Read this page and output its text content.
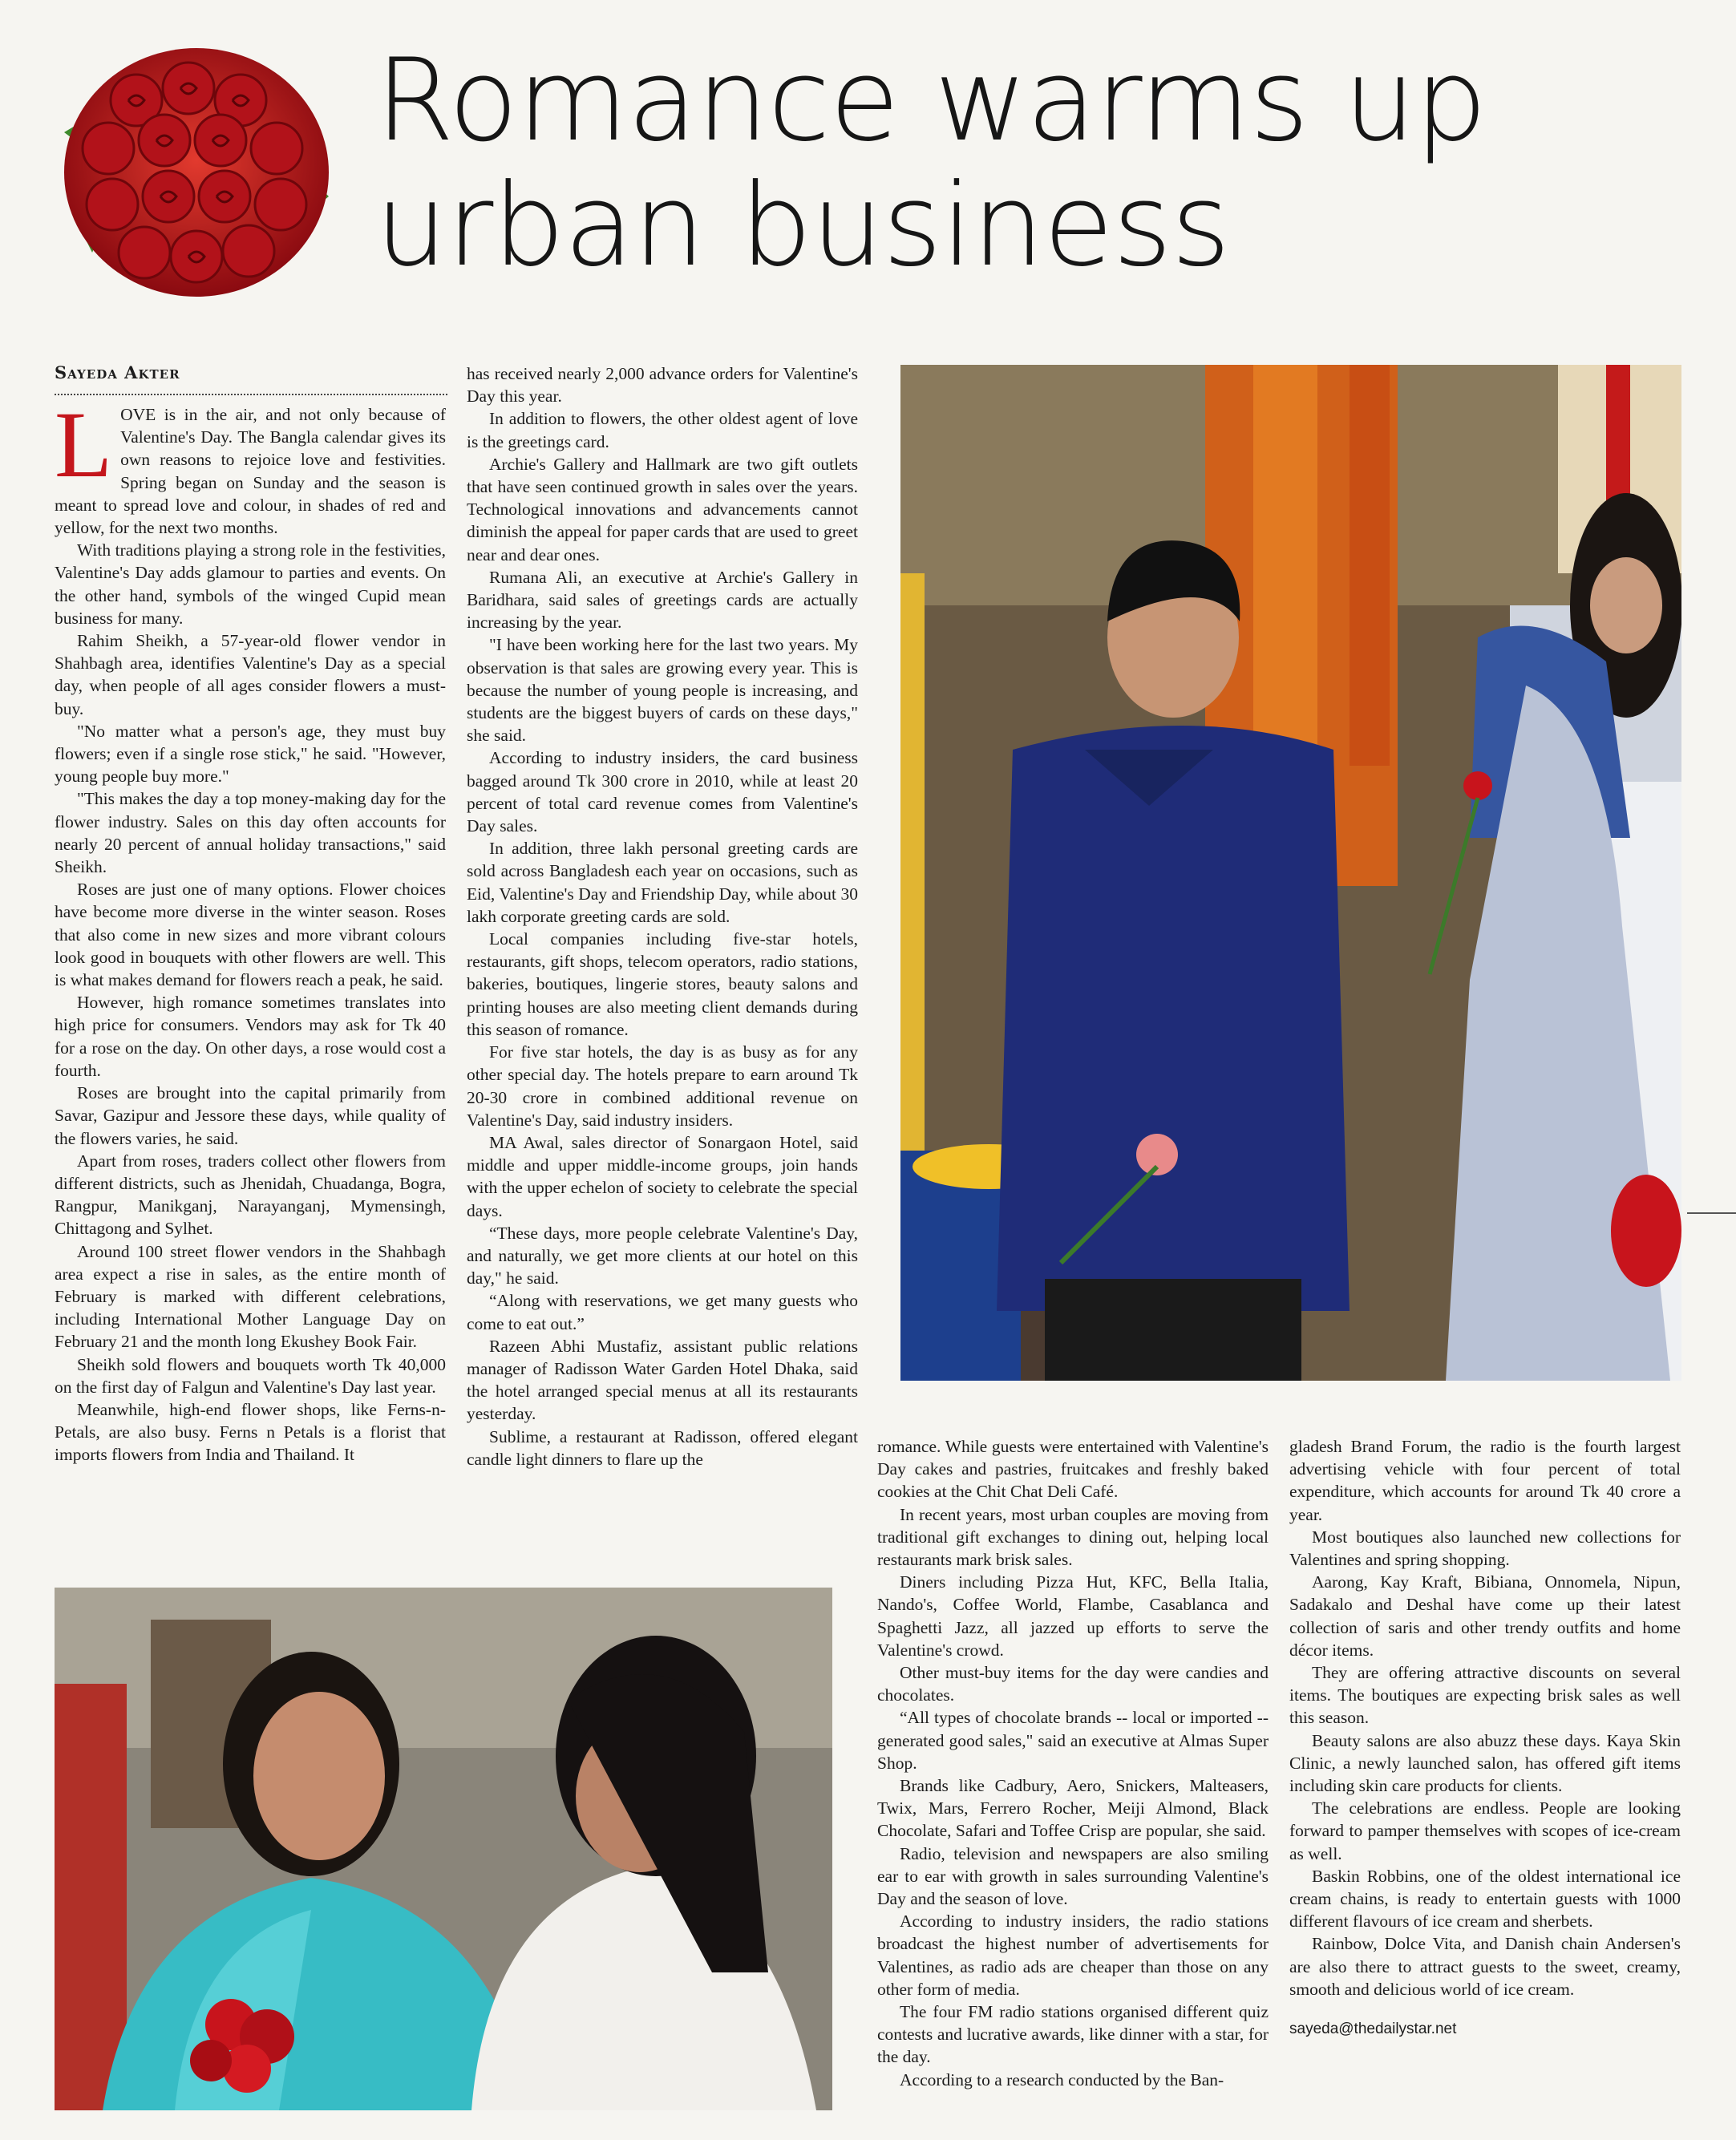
Romance warms up
urban business
Sayeda Akter

LOVE is in the air, and not only because of Valentine's Day. The Bangla calendar gives its own reasons to rejoice love and festivities. Spring began on Sunday and the season is meant to spread love and colour, in shades of red and yellow, for the next two months.

With traditions playing a strong role in the festivities, Valentine's Day adds glamour to parties and events. On the other hand, symbols of the winged Cupid mean business for many.

Rahim Sheikh, a 57-year-old flower vendor in Shahbagh area, identifies Valentine's Day as a special day, when people of all ages consider flowers a must-buy.

"No matter what a person's age, they must buy flowers; even if a single rose stick," he said. "However, young people buy more."

"This makes the day a top money-making day for the flower industry. Sales on this day often accounts for nearly 20 percent of annual holiday transactions," said Sheikh.

Roses are just one of many options. Flower choices have become more diverse in the winter season. Roses that also come in new sizes and more vibrant colours look good in bouquets with other flowers are well. This is what makes demand for flowers reach a peak, he said.

However, high romance sometimes translates into high price for consumers. Vendors may ask for Tk 40 for a rose on the day. On other days, a rose would cost a fourth.

Roses are brought into the capital primarily from Savar, Gazipur and Jessore these days, while quality of the flowers varies, he said.

Apart from roses, traders collect other flowers from different districts, such as Jhenidah, Chuadanga, Bogra, Rangpur, Manikganj, Narayanganj, Mymensingh, Chittagong and Sylhet.

Around 100 street flower vendors in the Shahbagh area expect a rise in sales, as the entire month of February is marked with different celebrations, including International Mother Language Day on February 21 and the month long Ekushey Book Fair.

Sheikh sold flowers and bouquets worth Tk 40,000 on the first day of Falgun and Valentine's Day last year.

Meanwhile, high-end flower shops, like Ferns-n-Petals, are also busy. Ferns n Petals is a florist that imports flowers from India and Thailand. It

has received nearly 2,000 advance orders for Valentine's Day this year.

In addition to flowers, the other oldest agent of love is the greetings card.

Archie's Gallery and Hallmark are two gift outlets that have seen continued growth in sales over the years. Technological innovations and advancements cannot diminish the appeal for paper cards that are used to greet near and dear ones.

Rumana Ali, an executive at Archie's Gallery in Baridhara, said sales of greetings cards are actually increasing by the year.

"I have been working here for the last two years. My observation is that sales are growing every year. This is because the number of young people is increasing, and students are the biggest buyers of cards on these days," she said.

According to industry insiders, the card business bagged around Tk 300 crore in 2010, while at least 20 percent of total card revenue comes from Valentine's Day sales.

In addition, three lakh personal greeting cards are sold across Bangladesh each year on occasions, such as Eid, Valentine's Day and Friendship Day, while about 30 lakh corporate greeting cards are sold.

Local companies including five-star hotels, restaurants, gift shops, telecom operators, radio stations, bakeries, boutiques, lingerie stores, beauty salons and printing houses are also meeting client demands during this season of romance.

For five star hotels, the day is as busy as for any other special day. The hotels prepare to earn around Tk 20-30 crore in combined additional revenue on Valentine's Day, said industry insiders.

MA Awal, sales director of Sonargaon Hotel, said middle and upper middle-income groups, join hands with the upper echelon of society to celebrate the special days.

“These days, more people celebrate Valentine's Day, and naturally, we get more clients at our hotel on this day," he said.

“Along with reservations, we get many guests who come to eat out.”

Razeen Abhi Mustafiz, assistant public relations manager of Radisson Water Garden Hotel Dhaka, said the hotel arranged special menus at all its restaurants yesterday.

Sublime, a restaurant at Radisson, offered elegant candle light dinners to flare up the

romance. While guests were entertained with Valentine's Day cakes and pastries, fruitcakes and freshly baked cookies at the Chit Chat Deli Café.

In recent years, most urban couples are moving from traditional gift exchanges to dining out, helping local restaurants mark brisk sales.

Diners including Pizza Hut, KFC, Bella Italia, Nando's, Coffee World, Flambe, Casablanca and Spaghetti Jazz, all jazzed up efforts to serve the Valentine's crowd.

Other must-buy items for the day were candies and chocolates.

“All types of chocolate brands -- local or imported -- generated good sales," said an executive at Almas Super Shop.

Brands like Cadbury, Aero, Snickers, Malteasers, Twix, Mars, Ferrero Rocher, Meiji Almond, Black Chocolate, Safari and Toffee Crisp are popular, she said.

Radio, television and newspapers are also smiling ear to ear with growth in sales surrounding Valentine's Day and the season of love.

According to industry insiders, the radio stations broadcast the highest number of advertisements for Valentines, as radio ads are cheaper than those on any other form of media.

The four FM radio stations organised different quiz contests and lucrative awards, like dinner with a star, for the day.

According to a research conducted by the Ban-

gladesh Brand Forum, the radio is the fourth largest advertising vehicle with four percent of total expenditure, which accounts for around Tk 40 crore a year.

Most boutiques also launched new collections for Valentines and spring shopping.

Aarong, Kay Kraft, Bibiana, Onnomela, Nipun, Sadakalo and Deshal have come up their latest collection of saris and other trendy outfits and home décor items.

They are offering attractive discounts on several items. The boutiques are expecting brisk sales as well this season.

Beauty salons are also abuzz these days. Kaya Skin Clinic, a newly launched salon, has offered gift items including skin care products for clients.

The celebrations are endless. People are looking forward to pamper themselves with scopes of ice-cream as well.

Baskin Robbins, one of the oldest international ice cream chains, is ready to entertain guests with 1000 different flavours of ice cream and sherbets.

Rainbow, Dolce Vita, and Danish chain Andersen's are also there to attract guests to the sweet, creamy, smooth and delicious world of ice cream.

sayeda@thedailystar.net
